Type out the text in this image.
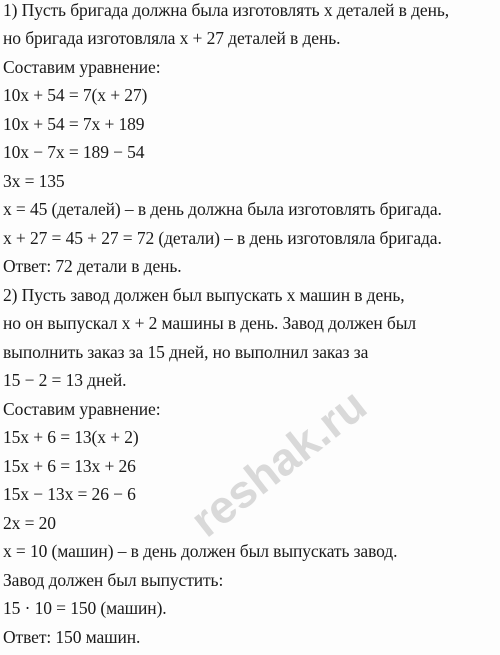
1) Пусть бригада должна была изготовлять x деталей в день,
но бригада изготовляла x + 27 деталей в день.
Составим уравнение:
10x + 54 = 7(x + 27)
10x + 54 = 7x + 189
10x − 7x = 189 − 54
3x = 135
x = 45 (деталей) – в день должна была изготовлять бригада.
x + 27 = 45 + 27 = 72 (детали) – в день изготовляла бригада.
Ответ: 72 детали в день.
2) Пусть завод должен был выпускать x машин в день,
но он выпускал x + 2 машины в день. Завод должен был
выполнить заказ за 15 дней, но выполнил заказ за
15 − 2 = 13 дней.
Составим уравнение:
15x + 6 = 13(x + 2)
15x + 6 = 13x + 26
15x − 13x = 26 − 6
2x = 20
x = 10 (машин) – в день должен был выпускать завод.
Завод должен был выпустить:
15 · 10 = 150 (машин).
Ответ: 150 машин.
reshak.ru
